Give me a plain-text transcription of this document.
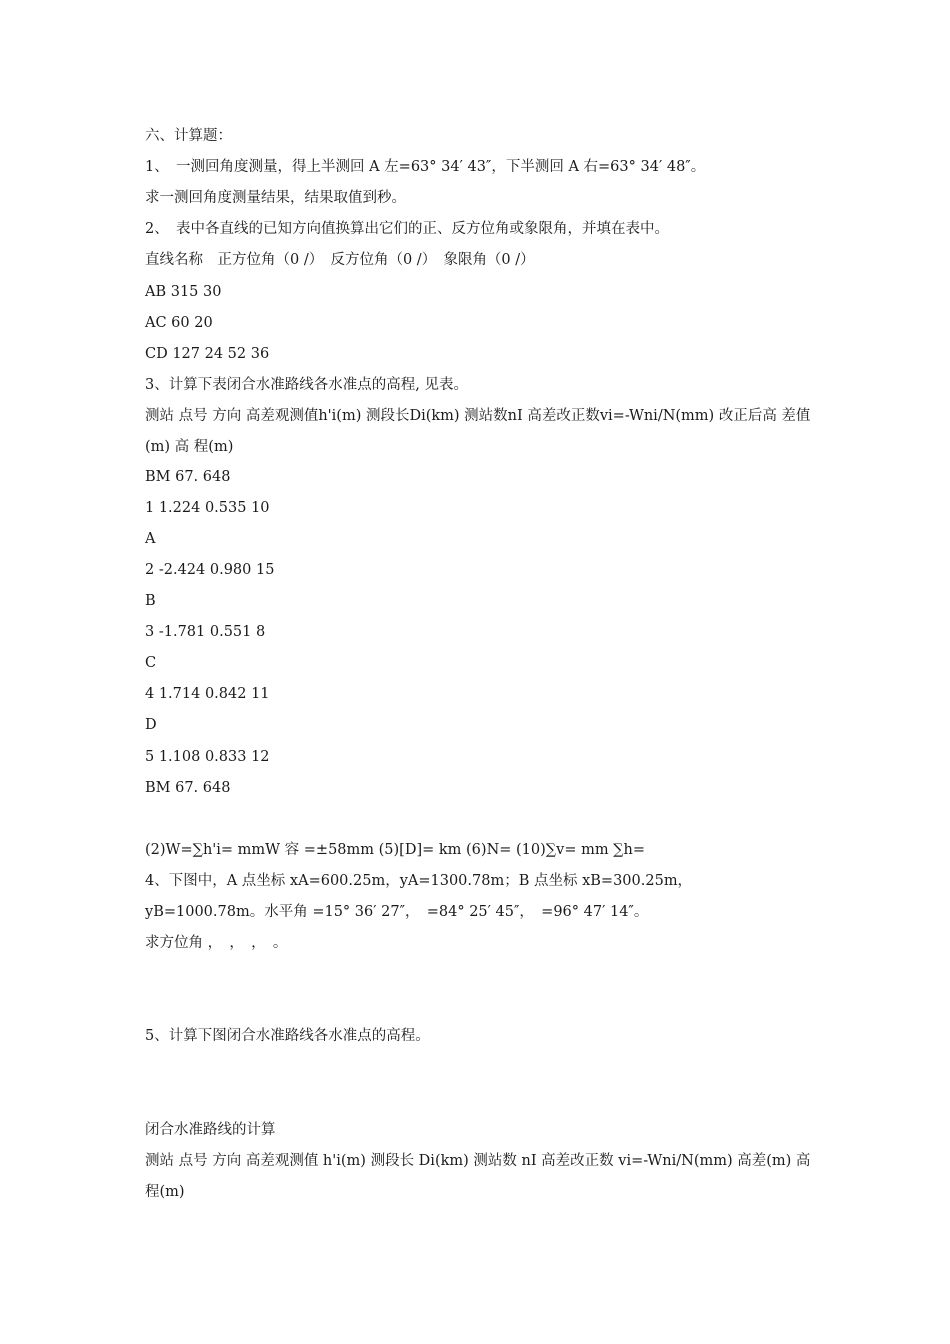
六、计算题：
1、　一测回角度测量，得上半测回 A 左=63° 34′ 43″，下半测回 A 右=63° 34′ 48″。
求一测回角度测量结果，结果取值到秒。
2、　表中各直线的已知方向值换算出它们的正、反方位角或象限角，并填在表中。
直线名称　正方位角（0 /）　反方位角（0 /）　象限角（0 /）
AB 315 30
AC 60 20
CD 127 24 52 36
3、计算下表闭合水准路线各水准点的高程, 见表。
测站 点号 方向 高差观测值h'i(m) 测段长Di(km) 测站数nI 高差改正数vi=-Wni/N(mm) 改正后高 差值(m) 高 程(m)
BM 67. 648
1 1.224 0.535 10
A
2 -2.424 0.980 15
B
3 -1.781 0.551 8
C
4 1.714 0.842 11
D
5 1.108 0.833 12
BM 67. 648
(2)W=∑h'i= mmW 容 =±58mm (5)[D]= km (6)N= (10)∑v= mm ∑h=
4、下图中，A 点坐标 xA=600.25m，yA=1300.78m；B 点坐标 xB=300.25m，
yB=1000.78m。水平角 =15° 36′ 27″，　=84° 25′ 45″，　=96° 47′ 14″。
求方位角 ，　，　，　。
5、计算下图闭合水准路线各水准点的高程。
闭合水准路线的计算
测站 点号 方向 高差观测值 h'i(m) 测段长 Di(km) 测站数 nI 高差改正数 vi=-Wni/N(mm) 高差(m) 高 程(m)
